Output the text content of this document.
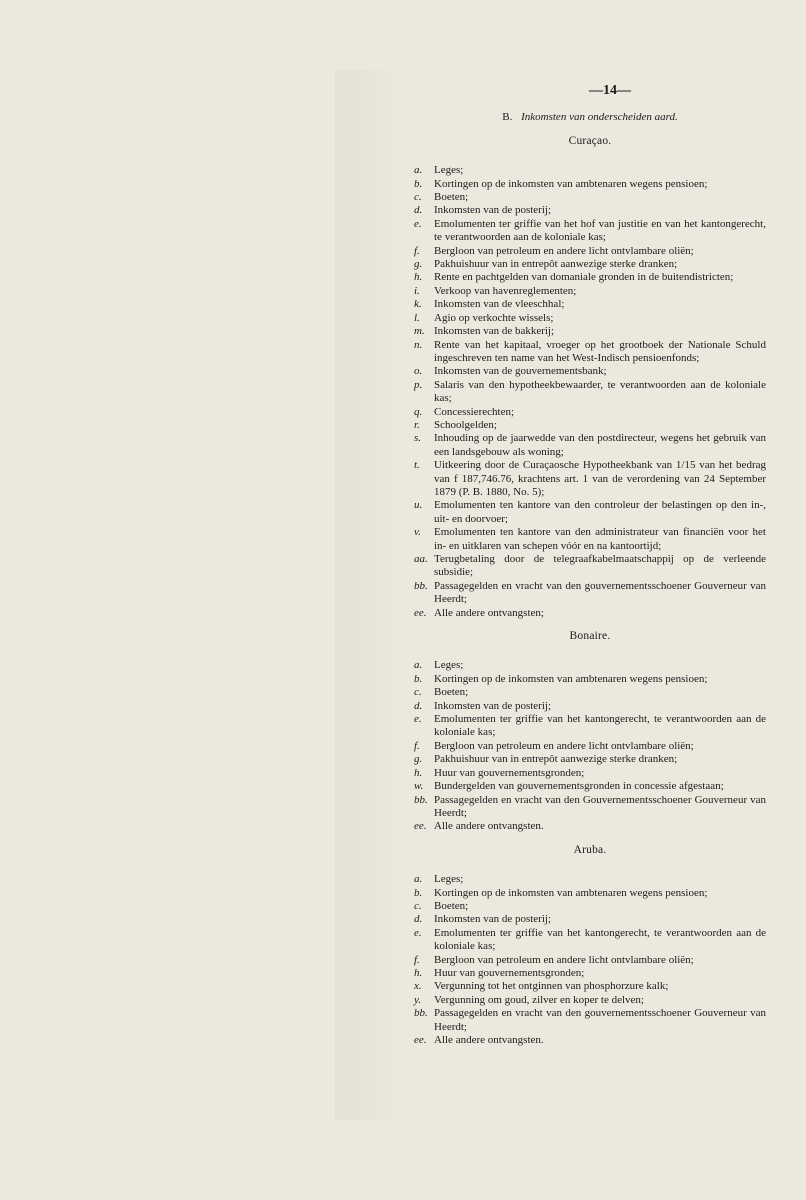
—14—
B. Inkomsten van onderscheiden aard.
Curaçao.
a.	Leges;
b.	Kortingen op de inkomsten van ambtenaren wegens pensioen;
c.	Boeten;
d.	Inkomsten van de posterij;
e.	Emolumenten ter griffie van het hof van justitie en van het kantongerecht, te verantwoorden aan de koloniale kas;
f.	Bergloon van petroleum en andere licht ontvlambare oliën;
g.	Pakhuishuur van in entrepôt aanwezige sterke dranken;
h.	Rente en pachtgelden van domaniale gronden in de buitendistricten;
i.	Verkoop van havenreglementen;
k.	Inkomsten van de vleeschhal;
l.	Agio op verkochte wissels;
m. Inkomsten van de bakkerij;
n.	Rente van het kapitaal, vroeger op het grootboek der Nationale Schuld ingeschreven ten name van het West-Indisch pensioenfonds;
o.	Inkomsten van de gouvernementsbank;
p.	Salaris van den hypotheekbewaarder, te verantwoorden aan de koloniale kas;
q.	Concessierechten;
r.	Schoolgelden;
s.	Inhouding op de jaarwedde van den postdirecteur, wegens het gebruik van een landsgebouw als woning;
t.	Uitkeering door de Curaçaosche Hypotheekbank van 1/15 van het bedrag van f 187,746.76, krachtens art. 1 van de verordening van 24 September 1879 (P. B. 1880, No. 5);
u.	Emolumenten ten kantore van den controleur der belastingen op den in-, uit- en doorvoer;
v.	Emolumenten ten kantore van den administrateur van financiën voor het in- en uitklaren van schepen vóór en na kantoortijd;
aa. Terugbetaling door de telegraafkabelmaatschappij op de verleende subsidie;
bb. Passagegelden en vracht van den gouvernementsschoener Gouverneur van Heerdt;
ee. Alle andere ontvangsten;
Bonaire.
a.	Leges;
b.	Kortingen op de inkomsten van ambtenaren wegens pensioen;
c.	Boeten;
d.	Inkomsten van de posterij;
e.	Emolumenten ter griffie van het kantongerecht, te verantwoorden aan de koloniale kas;
f.	Bergloon van petroleum en andere licht ontvlambare oliën;
g.	Pakhuishuur van in entrepôt aanwezige sterke dranken;
h.	Huur van gouvernementsgronden;
w. Bundergelden van gouvernementsgronden in concessie afgestaan;
bb. Passagegelden en vracht van den Gouvernementsschoener Gouverneur van Heerdt;
ee. Alle andere ontvangsten.
Aruba.
a.	Leges;
b.	Kortingen op de inkomsten van ambtenaren wegens pensioen;
c.	Boeten;
d.	Inkomsten van de posterij;
e.	Emolumenten ter griffie van het kantongerecht, te verantwoorden aan de koloniale kas;
f.	Bergloon van petroleum en andere licht ontvlambare oliën;
h.	Huur van gouvernementsgronden;
x.	Vergunning tot het ontginnen van phosphorzure kalk;
y.	Vergunning om goud, zilver en koper te delven;
bb. Passagegelden en vracht van den gouvernementsschoener Gouverneur van Heerdt;
ee. Alle andere ontvangsten.
